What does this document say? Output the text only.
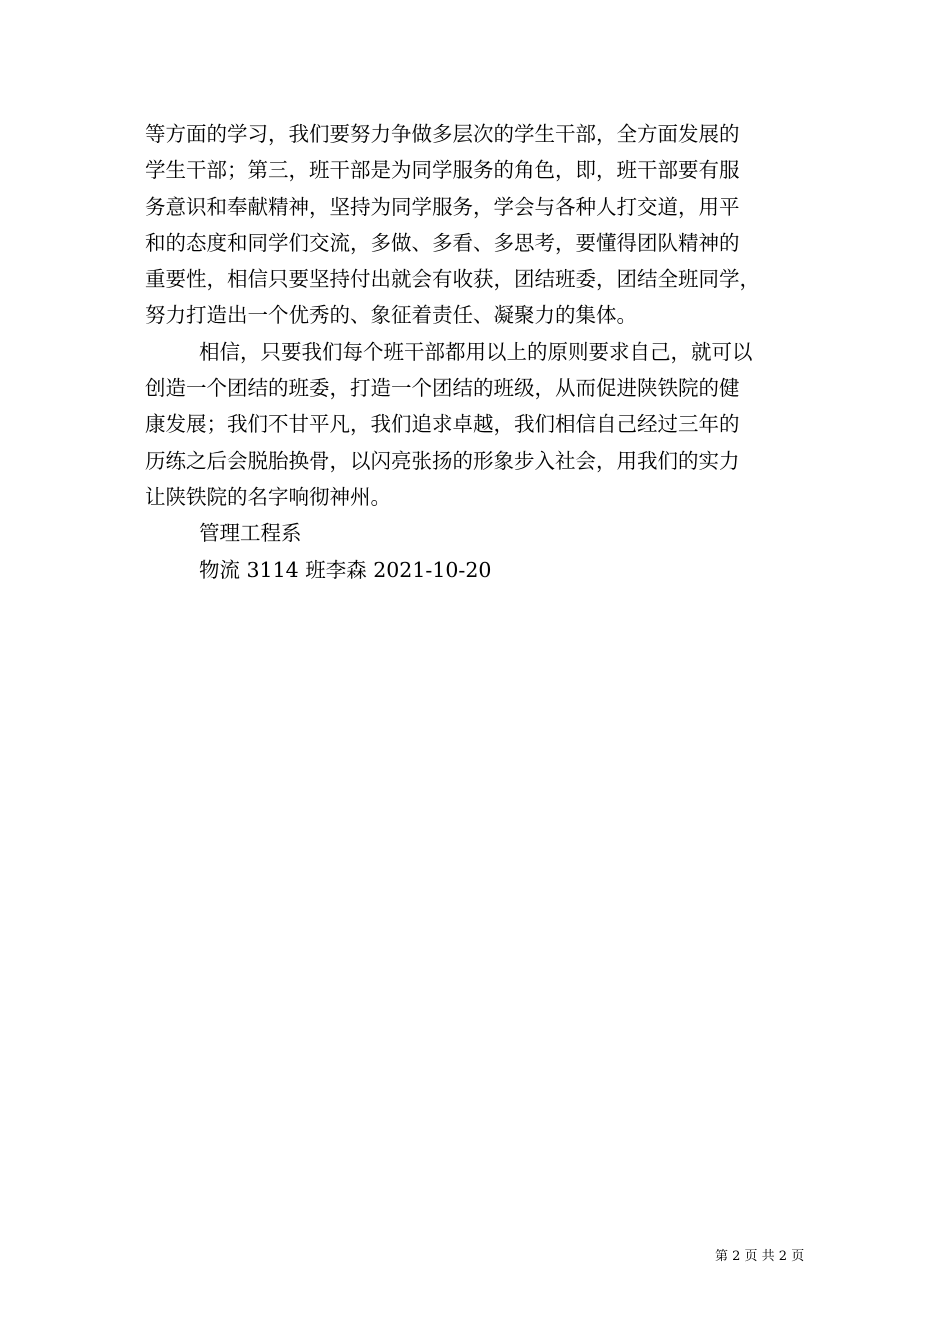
等方面的学习，我们要努力争做多层次的学生干部，全方面发展的
学生干部；第三，班干部是为同学服务的角色，即，班干部要有服
务意识和奉献精神，坚持为同学服务，学会与各种人打交道，用平
和的态度和同学们交流，多做、多看、多思考，要懂得团队精神的
重要性，相信只要坚持付出就会有收获，团结班委，团结全班同学，
努力打造出一个优秀的、象征着责任、凝聚力的集体。
相信，只要我们每个班干部都用以上的原则要求自己，就可以
创造一个团结的班委，打造一个团结的班级，从而促进陕铁院的健
康发展；我们不甘平凡，我们追求卓越，我们相信自己经过三年的
历练之后会脱胎换骨，以闪亮张扬的形象步入社会，用我们的实力
让陕铁院的名字响彻神州。
管理工程系
物流 3114 班李森 2021-10-20
第 2 页 共 2 页
